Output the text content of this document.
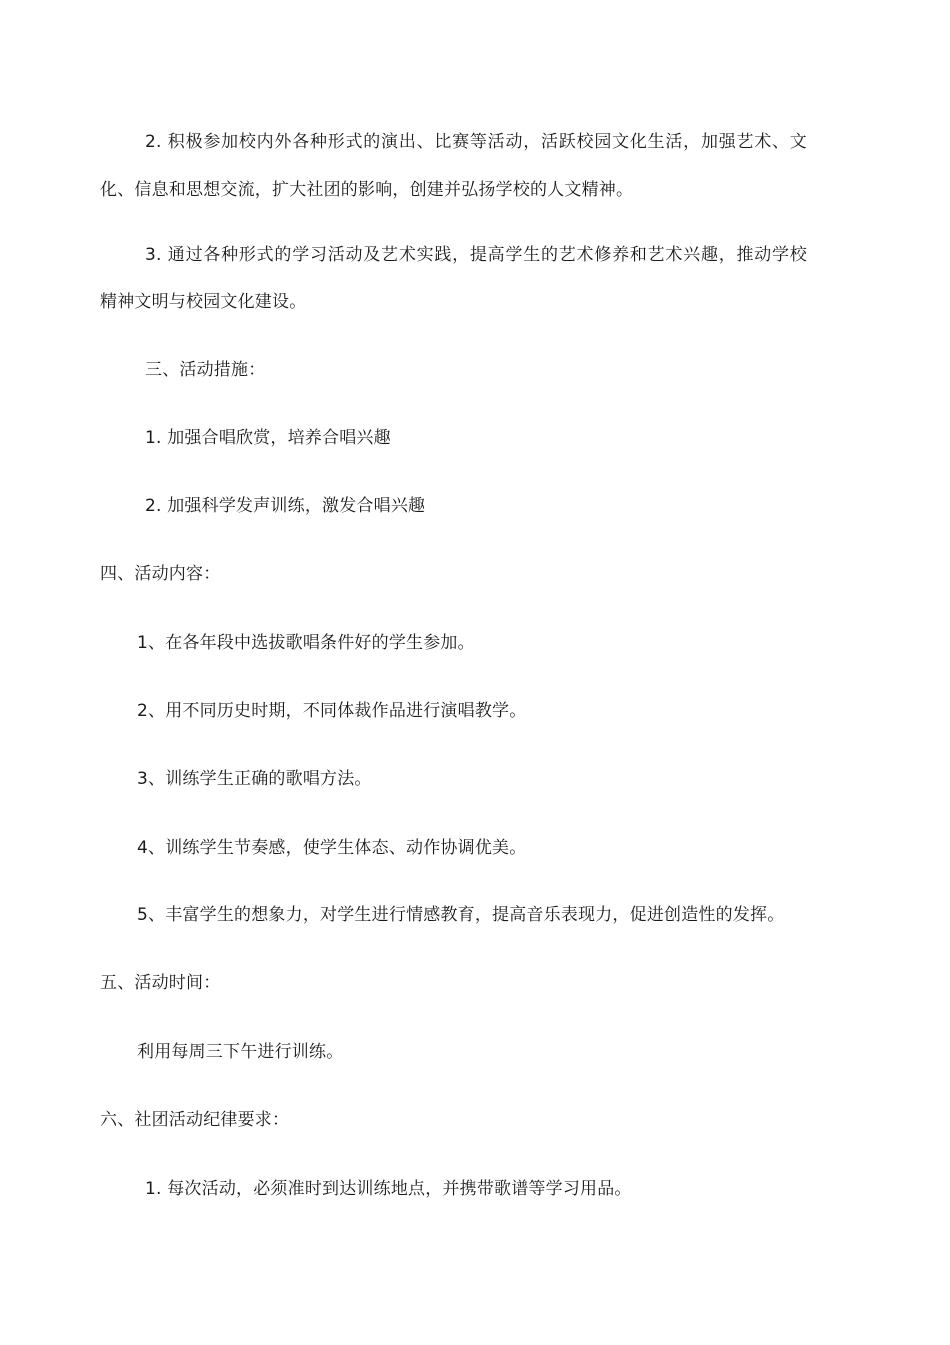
2. 积极参加校内外各种形式的演出、比赛等活动，活跃校园文化生活，加强艺术、文
化、信息和思想交流，扩大社团的影响，创建并弘扬学校的人文精神。
3. 通过各种形式的学习活动及艺术实践，提高学生的艺术修养和艺术兴趣，推动学校
精神文明与校园文化建设。
三、活动措施：
1. 加强合唱欣赏，培养合唱兴趣
2. 加强科学发声训练，激发合唱兴趣
四、活动内容：
1、在各年段中选拔歌唱条件好的学生参加。
2、用不同历史时期，不同体裁作品进行演唱教学。
3、训练学生正确的歌唱方法。
4、训练学生节奏感，使学生体态、动作协调优美。
5、丰富学生的想象力，对学生进行情感教育，提高音乐表现力，促进创造性的发挥。
五、活动时间：
利用每周三下午进行训练。
六、社团活动纪律要求：
1. 每次活动，必须准时到达训练地点，并携带歌谱等学习用品。
